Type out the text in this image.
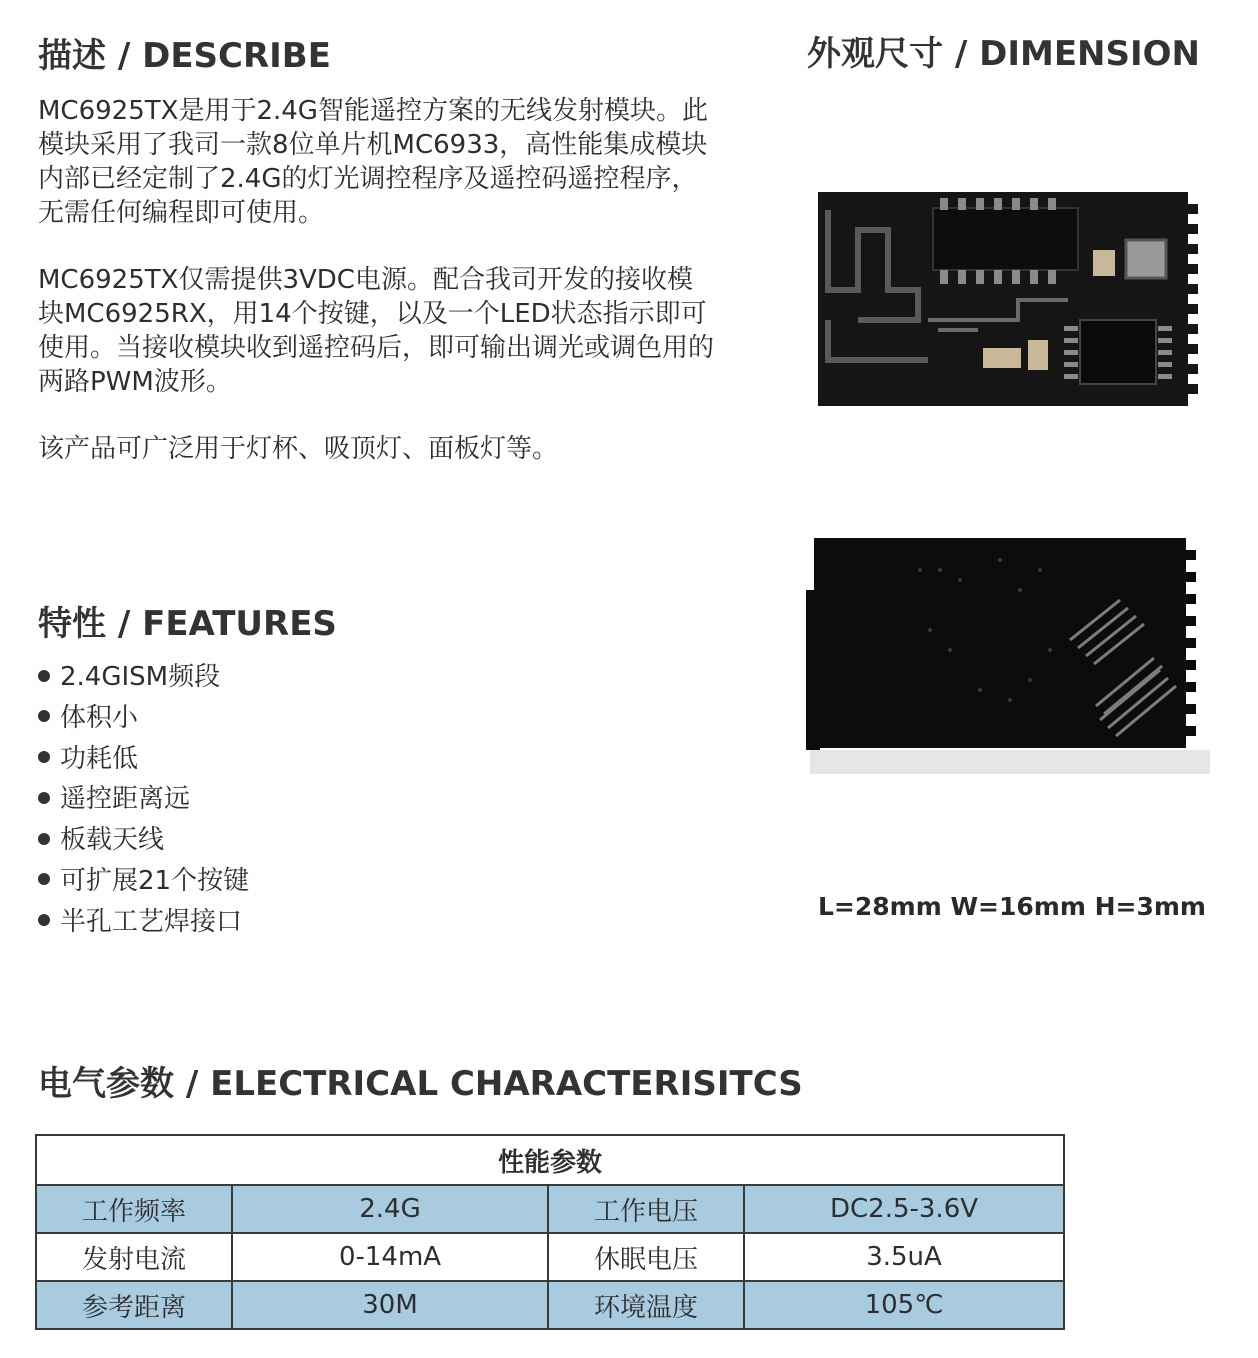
描述 / DESCRIBE	外观尺寸 / DIMENSION

MC6925TX是用于2.4G智能遥控方案的无线发射模块。此模块采用了我司一款8位单片机MC6933，高性能集成模块内部已经定制了2.4G的灯光调控程序及遥控码遥控程序，无需任何编程即可使用。

MC6925TX仅需提供3VDC电源。配合我司开发的接收模块MC6925RX，用14个按键，以及一个LED状态指示即可使用。当接收模块收到遥控码后，即可输出调光或调色用的两路PWM波形。

该产品可广泛用于灯杯、吸顶灯、面板灯等。

L=28mm W=16mm H=3mm
特性 / FEATURES
2.4GISM频段
体积小
功耗低
遥控距离远
板载天线
可扩展21个按键
半孔工艺焊接口
电气参数 / ELECTRICAL CHARACTERISITCS
性能参数			
工作频率	2.4G	工作电压	DC2.5-3.6V
发射电流	0-14mA	休眠电压	3.5uA
参考距离	30M	环境温度	105℃
